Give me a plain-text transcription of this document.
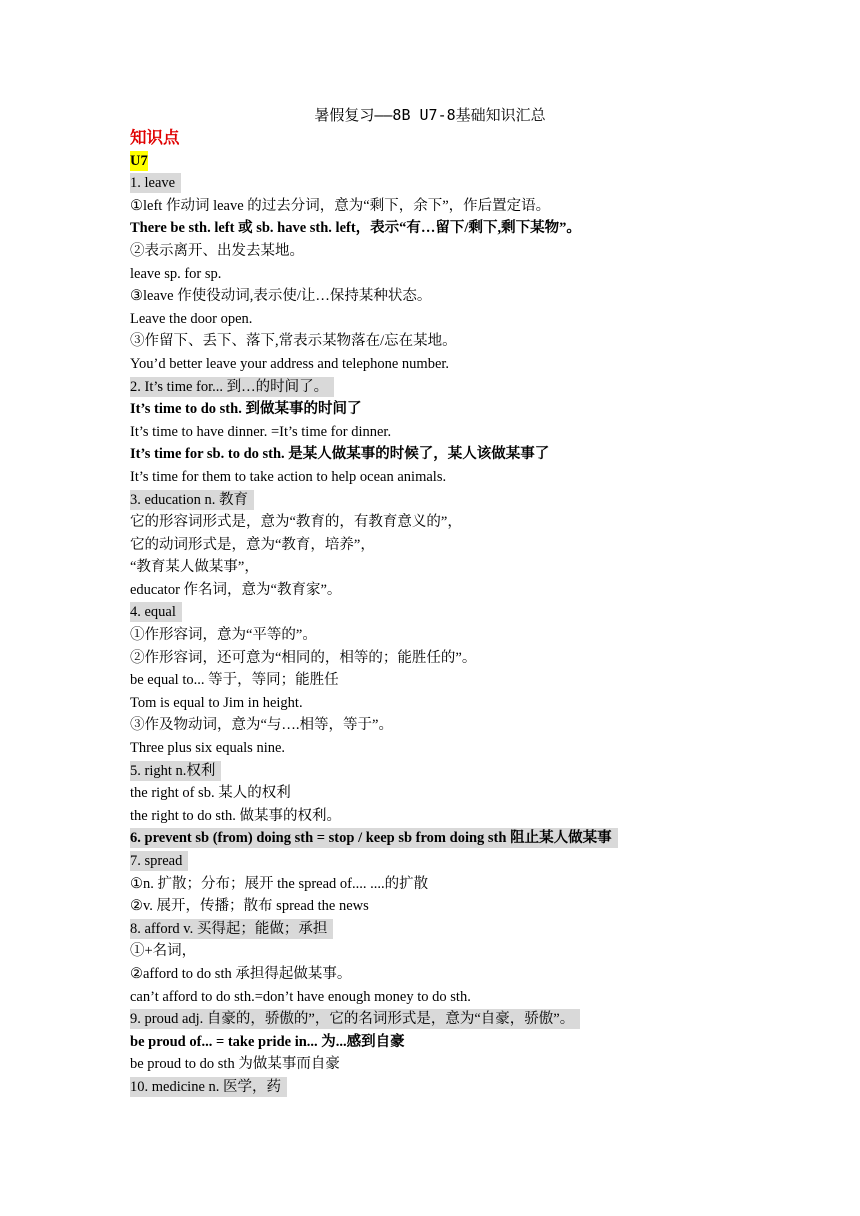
暑假复习——8B U7-8基础知识汇总
知识点
U7
1. leave
①left 作动词 leave 的过去分词，意为“剩下，余下”，作后置定语。
There be sth. left 或 sb. have sth. left，表示“有…留下/剩下,剩下某物”。
②表示离开、出发去某地。
leave sp. for sp.
③leave 作使役动词,表示使/让…保持某种状态。
Leave the door open.
③作留下、丢下、落下,常表示某物落在/忘在某地。
You’d better leave your address and telephone number.
2. It’s time for... 到…的时间了。
It’s time to do sth. 到做某事的时间了
It’s time to have dinner. =It’s time for dinner.
It’s time for sb. to do sth. 是某人做某事的时候了，某人该做某事了
It’s time for them to take action to help ocean animals.
3. education n. 教育
它的形容词形式是，意为“教育的，有教育意义的”，
它的动词形式是，意为“教育，培养”，
“教育某人做某事”，
educator 作名词，意为“教育家”。
4. equal
①作形容词，意为“平等的”。
②作形容词，还可意为“相同的，相等的；能胜任的”。
be equal to... 等于，等同；能胜任
Tom is equal to Jim in height.
③作及物动词，意为“与….相等，等于”。
Three plus six equals nine.
5. right n.权利
the right of sb. 某人的权利
the right to do sth. 做某事的权利。
6. prevent sb (from) doing sth = stop / keep sb from doing sth 阻止某人做某事
7. spread
①n. 扩散；分布；展开 the spread of.... ....的扩散
②v. 展开，传播；散布 spread the news
8. afford v. 买得起；能做；承担
①+名词，
②afford to do sth 承担得起做某事。
can’t afford to do sth.=don’t have enough money to do sth.
9. proud adj. 自豪的，骄傲的”，它的名词形式是，意为“自豪，骄傲”。
be proud of... = take pride in... 为...感到自豪
be proud to do sth 为做某事而自豪
10. medicine n. 医学，药
